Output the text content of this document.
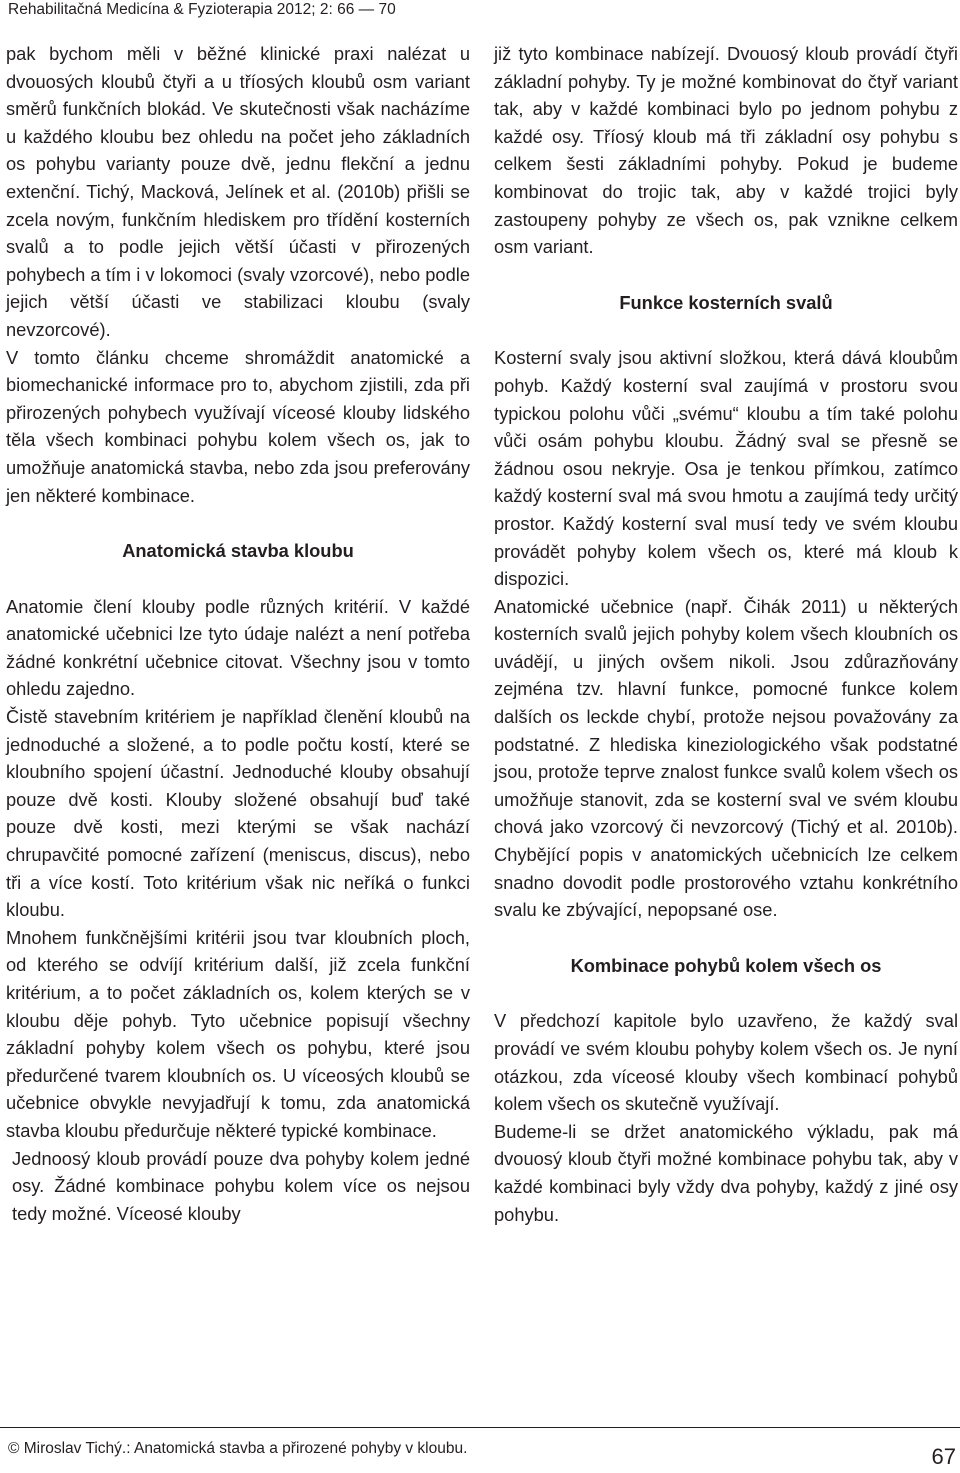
Rehabilitačná Medicína & Fyzioterapia 2012; 2: 66 — 70

pak bychom měli v běžné klinické praxi nalézat u dvouosých kloubů čtyři a u tříosých kloubů osm variant směrů funkčních blokád. Ve skutečnosti však nacházíme u každého kloubu bez ohledu na počet jeho základních os pohybu varianty pouze dvě, jednu flekční a jednu extenční. Tichý, Macková, Jelínek et al. (2010b) přišli se zcela novým, funkčním hlediskem pro třídění kosterních svalů a to podle jejich větší účasti v přirozených pohybech a tím i v lokomoci (svaly vzorcové), nebo podle jejich větší účasti ve stabilizaci kloubu (svaly nevzorcové).

V tomto článku chceme shromáždit anatomické a biomechanické informace pro to, abychom zjistili, zda při přirozených pohybech využívají víceosé klouby lidského těla všech kombinaci pohybu kolem všech os, jak to umožňuje anatomická stavba, nebo zda jsou preferovány jen některé kombinace.

Anatomická stavba kloubu

Anatomie člení klouby podle různých kritérií. V každé anatomické učebnici lze tyto údaje nalézt a není potřeba žádné konkrétní učebnice citovat. Všechny jsou v tomto ohledu zajedno.

Čistě stavebním kritériem je například členění kloubů na jednoduché a složené, a to podle počtu kostí, které se kloubního spojení účastní. Jednoduché klouby obsahují pouze dvě kosti. Klouby složené obsahují buď také pouze dvě kosti, mezi kterými se však nachází chrupavčité pomocné zařízení (meniscus, discus), nebo tři a více kostí. Toto kritérium však nic neříká o funkci kloubu.

Mnohem funkčnějšími kritérii jsou tvar kloubních ploch, od kterého se odvíjí kritérium další, již zcela funkční kritérium, a to počet základních os, kolem kterých se v kloubu děje pohyb. Tyto učebnice popisují všechny základní pohyby kolem všech os pohybu, které jsou předurčené tvarem kloubních os. U víceosých kloubů se učebnice obvykle nevyjadřují k tomu, zda anatomická stavba kloubu předurčuje některé typické kombinace.

Jednoosý kloub provádí pouze dva pohyby kolem jedné osy. Žádné kombinace pohybu kolem více os nejsou tedy možné. Víceosé klouby

již tyto kombinace nabízejí. Dvouosý kloub provádí čtyři základní pohyby. Ty je možné kombinovat do čtyř variant tak, aby v každé kombinaci bylo po jednom pohybu z každé osy. Tříosý kloub má tři základní osy pohybu s celkem šesti základními pohyby. Pokud je budeme kombinovat do trojic tak, aby v každé trojici byly zastoupeny pohyby ze všech os, pak vznikne celkem osm variant.

Funkce kosterních svalů

Kosterní svaly jsou aktivní složkou, která dává kloubům pohyb. Každý kosterní sval zaujímá v prostoru svou typickou polohu vůči „svému“ kloubu a tím také polohu vůči osám pohybu kloubu. Žádný sval se přesně se žádnou osou nekryje. Osa je tenkou přímkou, zatímco každý kosterní sval má svou hmotu a zaujímá tedy určitý prostor. Každý kosterní sval musí tedy ve svém kloubu provádět pohyby kolem všech os, které má kloub k dispozici.

Anatomické učebnice (např. Čihák 2011) u některých kosterních svalů jejich pohyby kolem všech kloubních os uvádějí, u jiných ovšem nikoli. Jsou zdůrazňovány zejména tzv. hlavní funkce, pomocné funkce kolem dalších os leckde chybí, protože nejsou považovány za podstatné. Z hlediska kineziologického však podstatné jsou, protože teprve znalost funkce svalů kolem všech os umožňuje stanovit, zda se kosterní sval ve svém kloubu chová jako vzorcový či nevzorcový (Tichý et al. 2010b). Chybějící popis v anatomických učebnicích lze celkem snadno dovodit podle prostorového vztahu konkrétního svalu ke zbývající, nepopsané ose.

Kombinace pohybů kolem všech os

V předchozí kapitole bylo uzavřeno, že každý sval provádí ve svém kloubu pohyby kolem všech os. Je nyní otázkou, zda víceosé klouby všech kombinací pohybů kolem všech os skutečně využívají.

Budeme-li se držet anatomického výkladu, pak má dvouosý kloub čtyři možné kombinace pohybu tak, aby v každé kombinaci byly vždy dva pohyby, každý z jiné osy pohybu.

© Miroslav Tichý.: Anatomická stavba a přirozené pohyby v kloubu.	67
